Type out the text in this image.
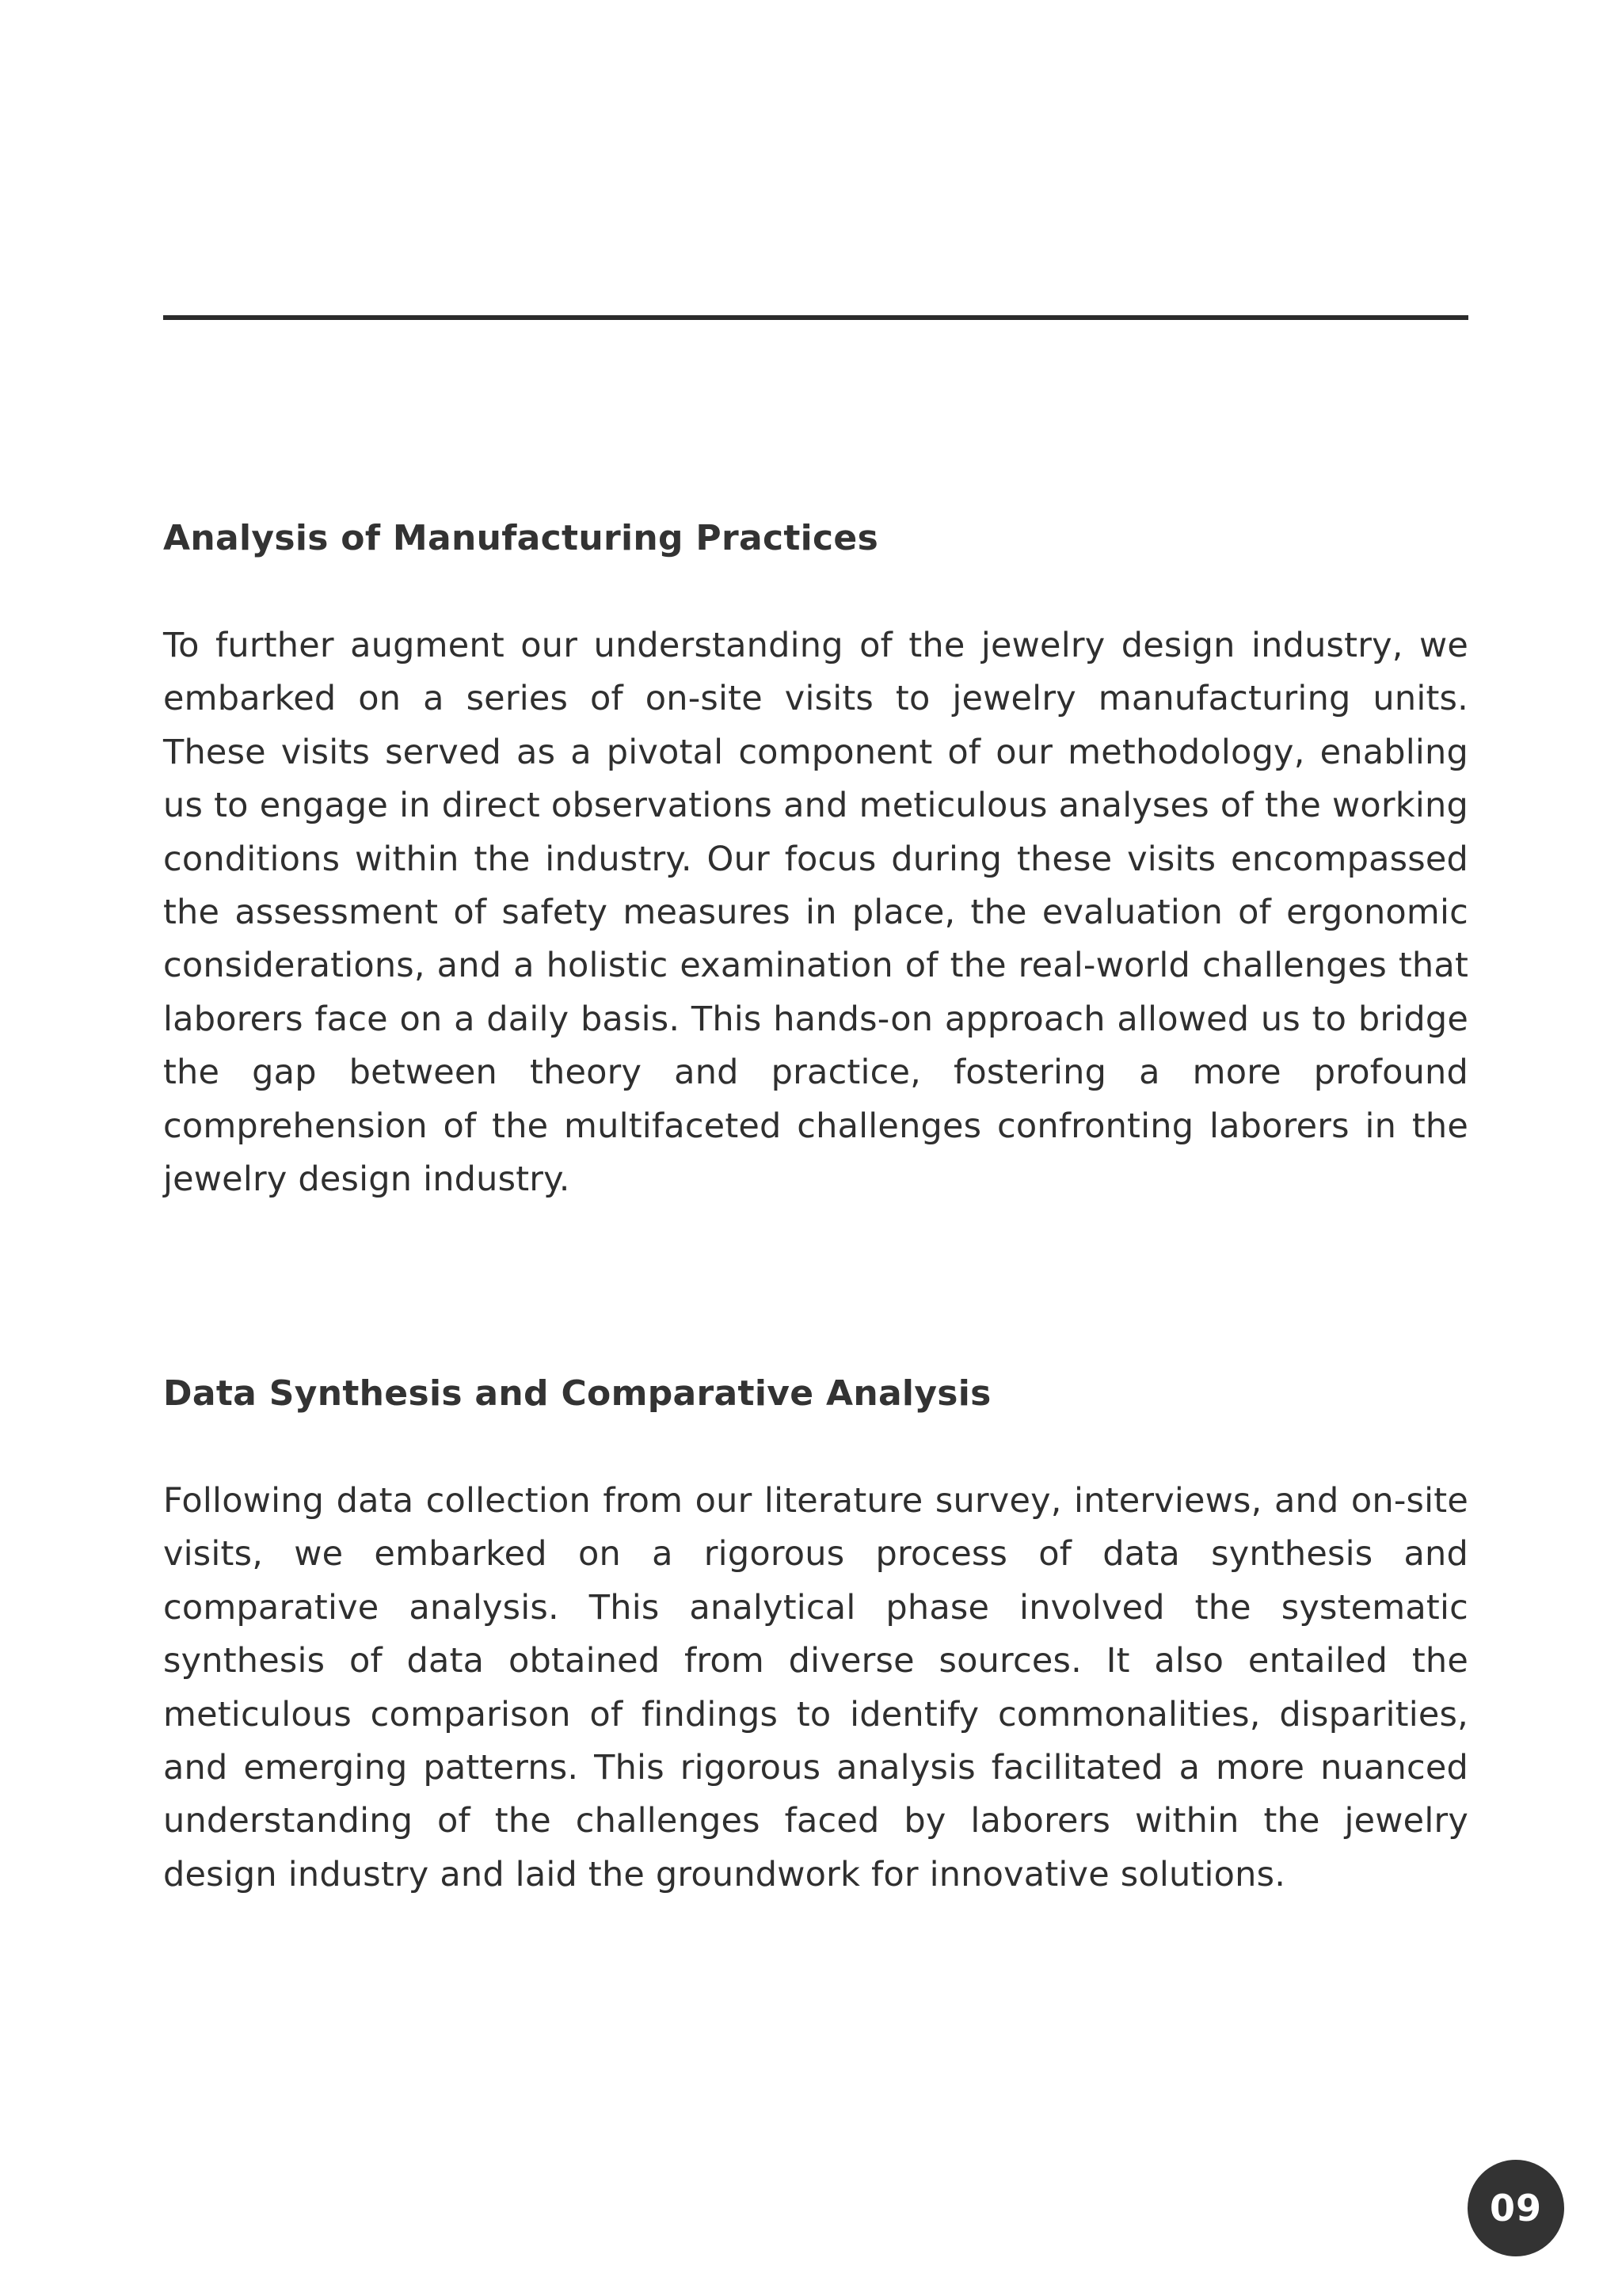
Analysis of Manufacturing Practices

To further augment our understanding of the jewelry design industry, we embarked on a series of on-site visits to jewelry manufacturing units. These visits served as a pivotal component of our methodology, enabling us to engage in direct observations and meticulous analyses of the working conditions within the industry. Our focus during these visits encompassed the assessment of safety measures in place, the evaluation of ergonomic considerations, and a holistic examination of the real-world challenges that laborers face on a daily basis. This hands-on approach allowed us to bridge the gap between theory and practice, fostering a more profound comprehension of the multifaceted challenges confronting laborers in the jewelry design industry.

Data Synthesis and Comparative Analysis

Following data collection from our literature survey, interviews, and on-site visits, we embarked on a rigorous process of data synthesis and comparative analysis. This analytical phase involved the systematic synthesis of data obtained from diverse sources. It also entailed the meticulous comparison of findings to identify commonalities, disparities, and emerging patterns. This rigorous analysis facilitated a more nuanced understanding of the challenges faced by laborers within the jewelry design industry and laid the groundwork for innovative solutions.

09
